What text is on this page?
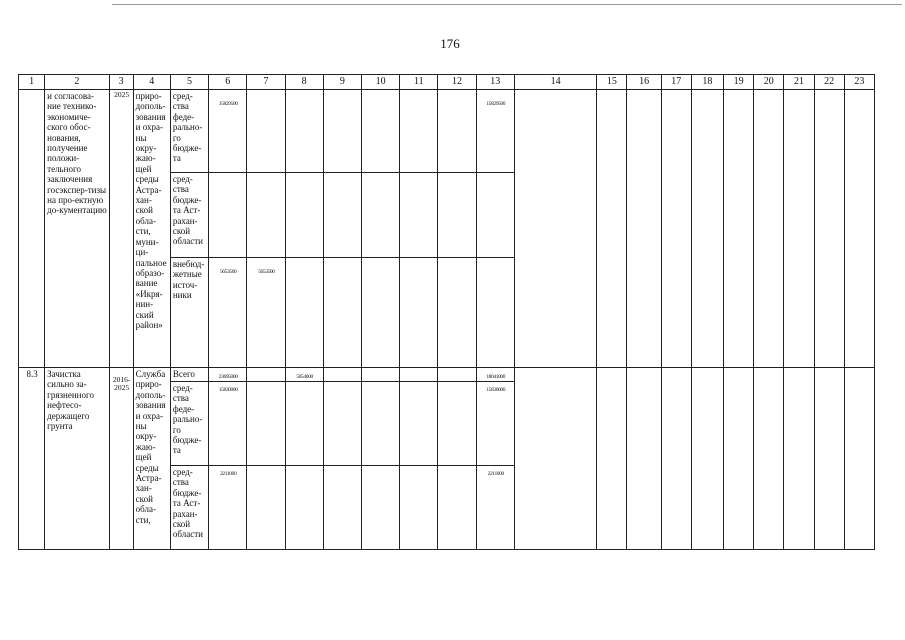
176
1	2	3	4	5	6	7	8	9	10	11	12	13	14	15	16	17	18	19	20	21	22	23
	и согласова-ние технико-экономиче-ского обос-нования, получение положи-тельного заключения госэкспер-тизы на про-ектную до-кументацию	2025	приро-дополь-зования и охра-ны окру-жаю-щей среды Астра-хан-ской обла-сти, муни-ци-пальное образо-вание «Икря-нин-ский район»	сред-ства феде-рально-го бюдже-та	15829500							15829500										

				сред-ства бюдже-та Аст-рахан-ской области											

				внебюд-жетные источ-ники	5653500	5653500																

8.3	Зачистка сильно за-грязненного нефтесо-держащего грунта	2016-2025	Служба приро-дополь-зования и охра-ны окру-жаю-щей среды Астра-хан-ской обла-сти,	Всего	23695000		5654000					18041000										

				сред-ства феде-рально-го бюдже-та	15830000							15830000										

				сред-ства бюдже-та Аст-рахан-ской области	2211000							2211000										
